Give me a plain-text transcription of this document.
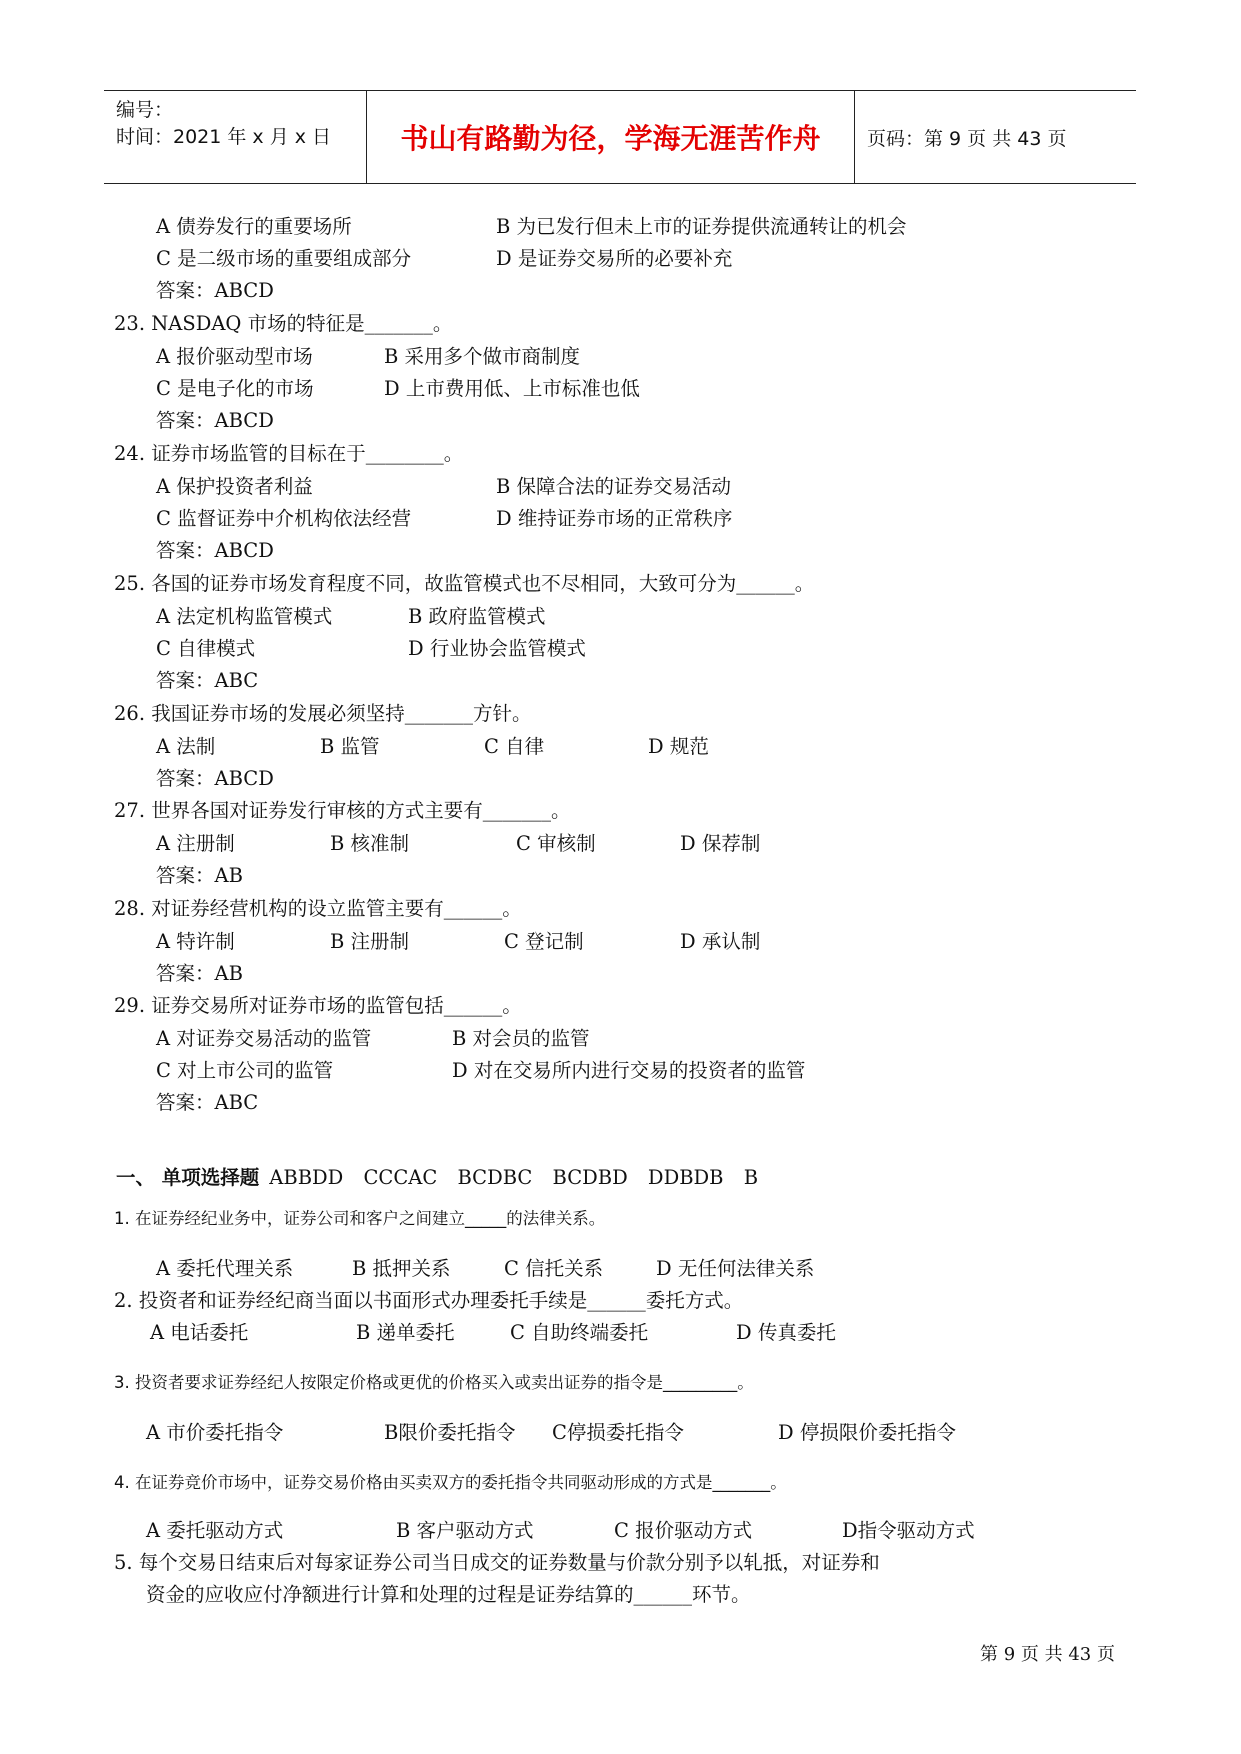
编号：
时间：2021 年 x 月 x 日	书山有路勤为径，学海无涯苦作舟	页码：第 9 页 共 43 页
A 债券发行的重要场所	B 为已发行但未上市的证券提供流通转让的机会
C 是二级市场的重要组成部分	D 是证券交易所的必要补充
答案：ABCD
23. NASDAQ 市场的特征是_______。
A 报价驱动型市场	B 采用多个做市商制度
C 是电子化的市场	D 上市费用低、上市标准也低
答案：ABCD
24. 证券市场监管的目标在于________。
A 保护投资者利益	B 保障合法的证券交易活动
C 监督证券中介机构依法经营	D 维持证券市场的正常秩序
答案：ABCD
25. 各国的证券市场发育程度不同，故监管模式也不尽相同，大致可分为______。
A 法定机构监管模式	B 政府监管模式
C 自律模式	D 行业协会监管模式
答案：ABC
26. 我国证券市场的发展必须坚持_______方针。
A 法制	B 监管	C 自律	D 规范
答案：ABCD
27. 世界各国对证券发行审核的方式主要有_______。
A 注册制	B 核准制	C 审核制	D 保荐制
答案：AB
28. 对证券经营机构的设立监管主要有______。
A 特许制	B 注册制	C 登记制	D 承认制
答案：AB
29. 证券交易所对证券市场的监管包括______。
A 对证券交易活动的监管	B 对会员的监管
C 对上市公司的监管	D 对在交易所内进行交易的投资者的监管
答案：ABC
1. 在证券经纪业务中，证券公司和客户之间建立_____的法律关系。
A 委托代理关系	B 抵押关系	C 信托关系	D 无任何法律关系
2. 投资者和证券经纪商当面以书面形式办理委托手续是______委托方式。
A 电话委托	B 递单委托	C 自助终端委托	D 传真委托
3. 投资者要求证券经纪人按限定价格或更优的价格买入或卖出证券的指令是_________。
A 市价委托指令	B限价委托指令 C停损委托指令	D 停损限价委托指令
4. 在证券竞价市场中，证券交易价格由买卖双方的委托指令共同驱动形成的方式是_______。
A 委托驱动方式	B 客户驱动方式	C 报价驱动方式	D指令驱动方式
5. 每个交易日结束后对每家证券公司当日成交的证券数量与价款分别予以轧抵，对证券和
资金的应收应付净额进行计算和处理的过程是证券结算的______环节。
一、 单项选择题 ABBDD CCCAC BCDBC BCDBD DDBDB B
第 9 页 共 43 页
